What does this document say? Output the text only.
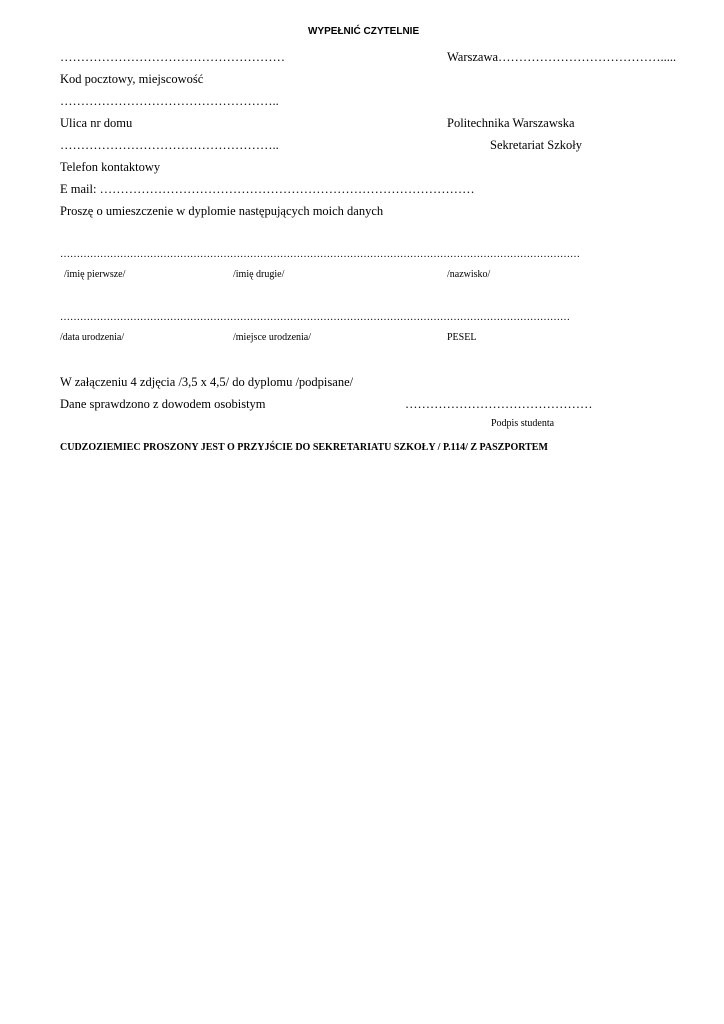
WYPEŁNIĆ CZYTELNIE
………………………………………………	Warszawa………………………………….....
Kod pocztowy, miejscowość
……………………………………………..
Ulica nr domu	Politechnika Warszawska
……………………………………………..	Sekretariat Szkoły
Telefon kontaktowy
E mail: ………………………………………………………………………………
Proszę o umieszczenie w dyplomie następujących moich danych
…………………………………………………………………………………………………………………………………………
/imię pierwsze/	/imię drugie/	/nazwisko/
………………………………………………………………………………………………………………………………………
/data urodzenia/	/miejsce urodzenia/	PESEL
W załączeniu 4 zdjęcia /3,5 x 4,5/ do dyplomu /podpisane/
Dane sprawdzono z dowodem osobistym	………………………………………
Podpis studenta
CUDZOZIEMIEC PROSZONY JEST O PRZYJŚCIE DO SEKRETARIATU SZKOŁY / P.114/ Z PASZPORTEM
